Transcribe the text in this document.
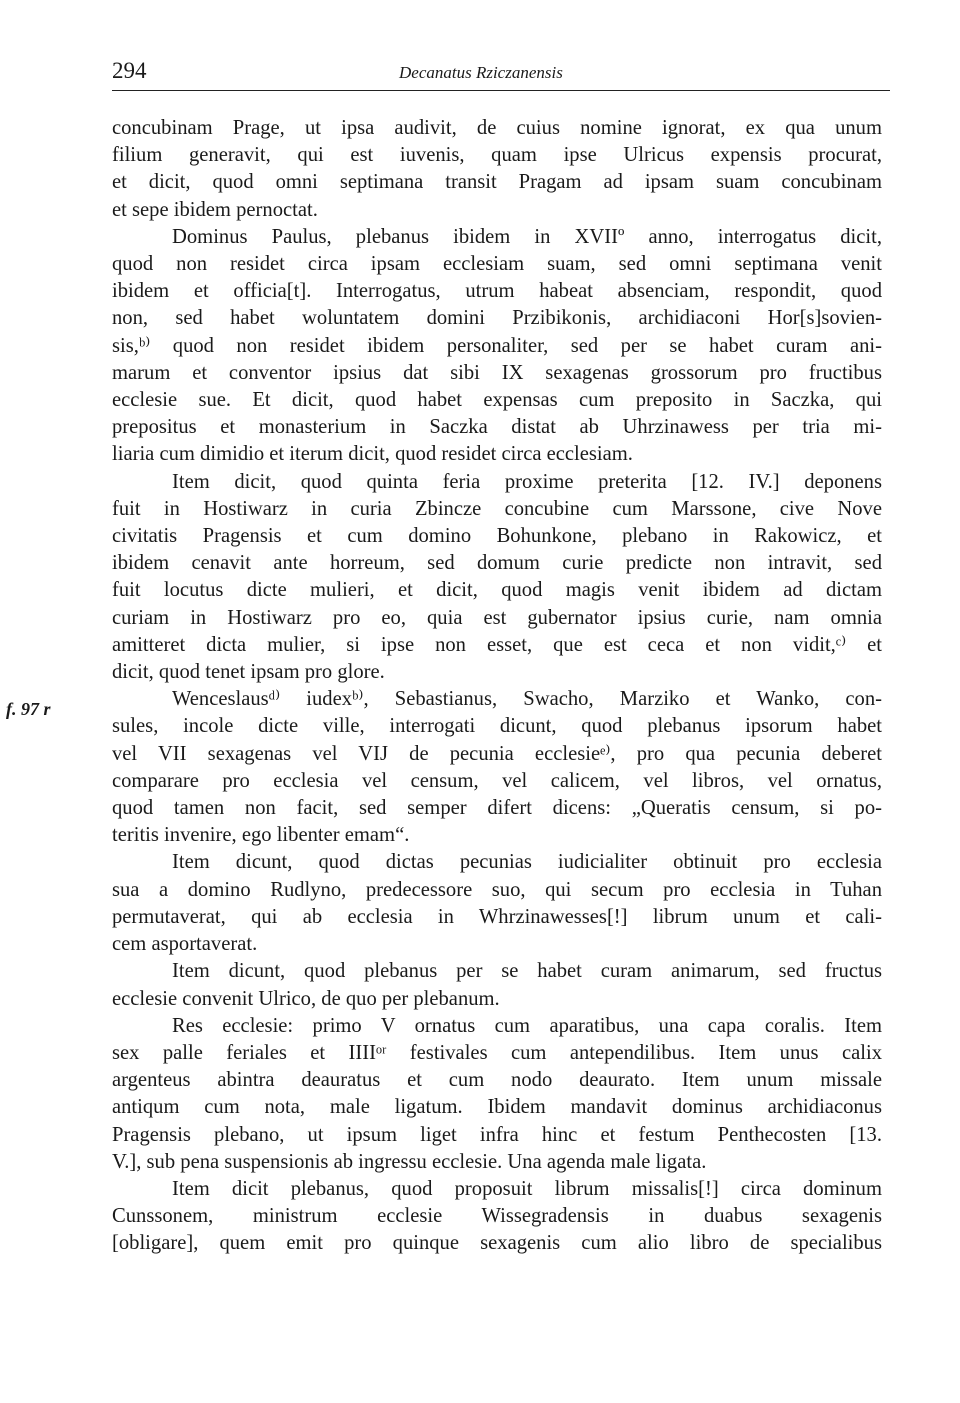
294	Decanatus Rziczanensis
f. 97 r
concubinam Prage, ut ipsa audivit, de cuius nomine ignorat, ex qua unum
filium generavit, qui est iuvenis, quam ipse Ulricus expensis procurat,
et dicit, quod omni septimana transit Pragam ad ipsam suam concubinam
et sepe ibidem pernoctat.
Dominus Paulus, plebanus ibidem in XVIIº anno, interrogatus dicit,
quod non residet circa ipsam ecclesiam suam, sed omni septimana venit
ibidem et officia[t]. Interrogatus, utrum habeat absenciam, respondit, quod
non, sed habet woluntatem domini Przibikonis, archidiaconi Hor[s]sovien-
sis,ᵇ⁾ quod non residet ibidem personaliter, sed per se habet curam ani-
marum et conventor ipsius dat sibi IX sexagenas grossorum pro fructibus
ecclesie sue. Et dicit, quod habet expensas cum preposito in Saczka, qui
prepositus et monasterium in Saczka distat ab Uhrzinawess per tria mi-
liaria cum dimidio et iterum dicit, quod residet circa ecclesiam.
Item dicit, quod quinta feria proxime preterita [12. IV.] deponens
fuit in Hostiwarz in curia Zbincze concubine cum Marssone, cive Nove
civitatis Pragensis et cum domino Bohunkone, plebano in Rakowicz, et
ibidem cenavit ante horreum, sed domum curie predicte non intravit, sed
fuit locutus dicte mulieri, et dicit, quod magis venit ibidem ad dictam
curiam in Hostiwarz pro eo, quia est gubernator ipsius curie, nam omnia
amitteret dicta mulier, si ipse non esset, que est ceca et non vidit,ᶜ⁾ et
dicit, quod tenet ipsam pro glore.
Wenceslausᵈ⁾ iudexᵇ⁾, Sebastianus, Swacho, Marziko et Wanko, con-
sules, incole dicte ville, interrogati dicunt, quod plebanus ipsorum habet
vel VII sexagenas vel VIJ de pecunia ecclesieᵉ⁾, pro qua pecunia deberet
comparare pro ecclesia vel censum, vel calicem, vel libros, vel ornatus,
quod tamen non facit, sed semper difert dicens: „Queratis censum, si po-
teritis invenire, ego libenter emam“.
Item dicunt, quod dictas pecunias iudicialiter obtinuit pro ecclesia
sua a domino Rudlyno, predecessore suo, qui secum pro ecclesia in Tuhan
permutaverat, qui ab ecclesia in Whrzinawesses[!] librum unum et cali-
cem asportaverat.
Item dicunt, quod plebanus per se habet curam animarum, sed fructus
ecclesie convenit Ulrico, de quo per plebanum.
Res ecclesie: primo V ornatus cum aparatibus, una capa coralis. Item
sex palle feriales et IIIIᵒʳ festivales cum antependilibus. Item unus calix
argenteus abintra deauratus et cum nodo deaurato. Item unum missale
antiqum cum nota, male ligatum. Ibidem mandavit dominus archidiaconus
Pragensis plebano, ut ipsum liget infra hinc et festum Penthecosten [13.
V.], sub pena suspensionis ab ingressu ecclesie. Una agenda male ligata.
Item dicit plebanus, quod proposuit librum missalis[!] circa dominum
Cunssonem, ministrum ecclesie Wissegradensis in duabus sexagenis
[obligare], quem emit pro quinque sexagenis cum alio libro de specialibus
